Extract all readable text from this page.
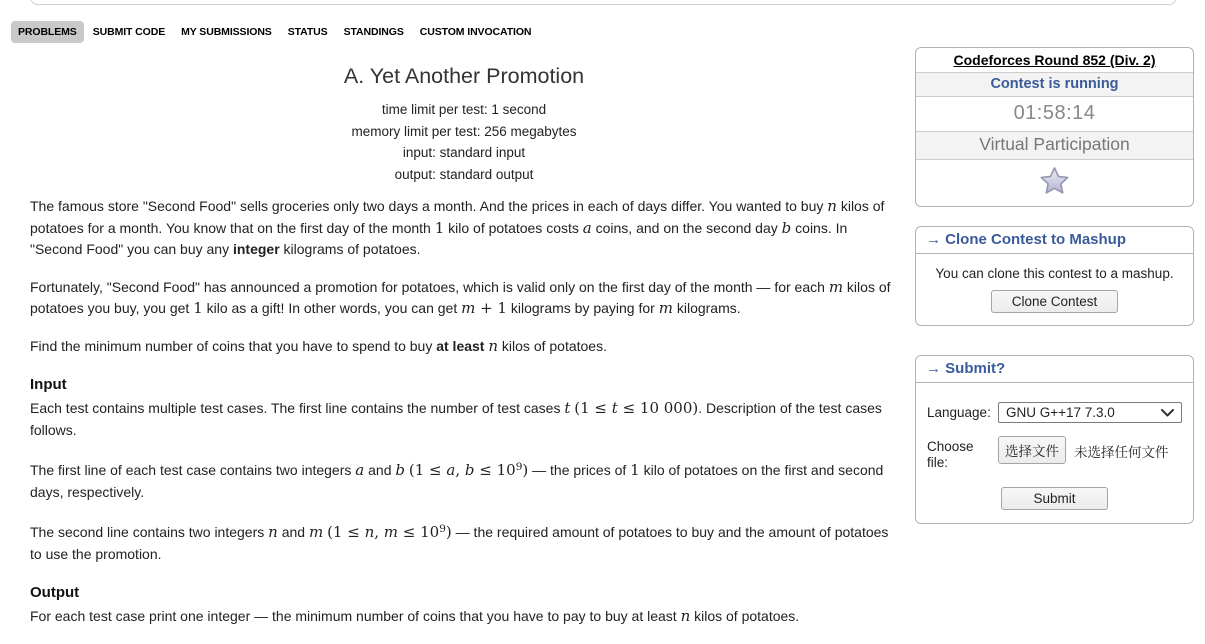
PROBLEMS	SUBMIT CODE	MY SUBMISSIONS	STATUS	STANDINGS	CUSTOM INVOCATION
A. Yet Another Promotion
time limit per test: 1 second
memory limit per test: 256 megabytes
input: standard input
output: standard output

The famous store "Second Food" sells groceries only two days a month. And the prices in each of days differ. You wanted to buy n kilos of potatoes for a month. You know that on the first day of the month 1 kilo of potatoes costs a coins, and on the second day b coins. In "Second Food" you can buy any integer kilograms of potatoes.

Fortunately, "Second Food" has announced a promotion for potatoes, which is valid only on the first day of the month — for each m kilos of potatoes you buy, you get 1 kilo as a gift! In other words, you can get m + 1 kilograms by paying for m kilograms.

Find the minimum number of coins that you have to spend to buy at least n kilos of potatoes.

Input

Each test contains multiple test cases. The first line contains the number of test cases t (1 ≤ t ≤ 10 000). Description of the test cases follows.

The first line of each test case contains two integers a and b (1 ≤ a, $b \le 10^9$) — the prices of 1 kilo of potatoes on the first and second days, respectively.

The second line contains two integers n and m (1 ≤ n, $m \le 10^9$) — the required amount of potatoes to buy and the amount of potatoes to use the promotion.

Output

For each test case print one integer — the minimum number of coins that you have to pay to buy at least n kilos of potatoes.

Codeforces Round 852 (Div. 2)
Contest is running
01:58:14
Virtual Participation
→ Clone Contest to Mashup
You can clone this contest to a mashup.
Clone Contest
→ Submit?
Language:	GNU G++17 7.3.0
Choose file:
选择文件	未选择任何文件
Submit
